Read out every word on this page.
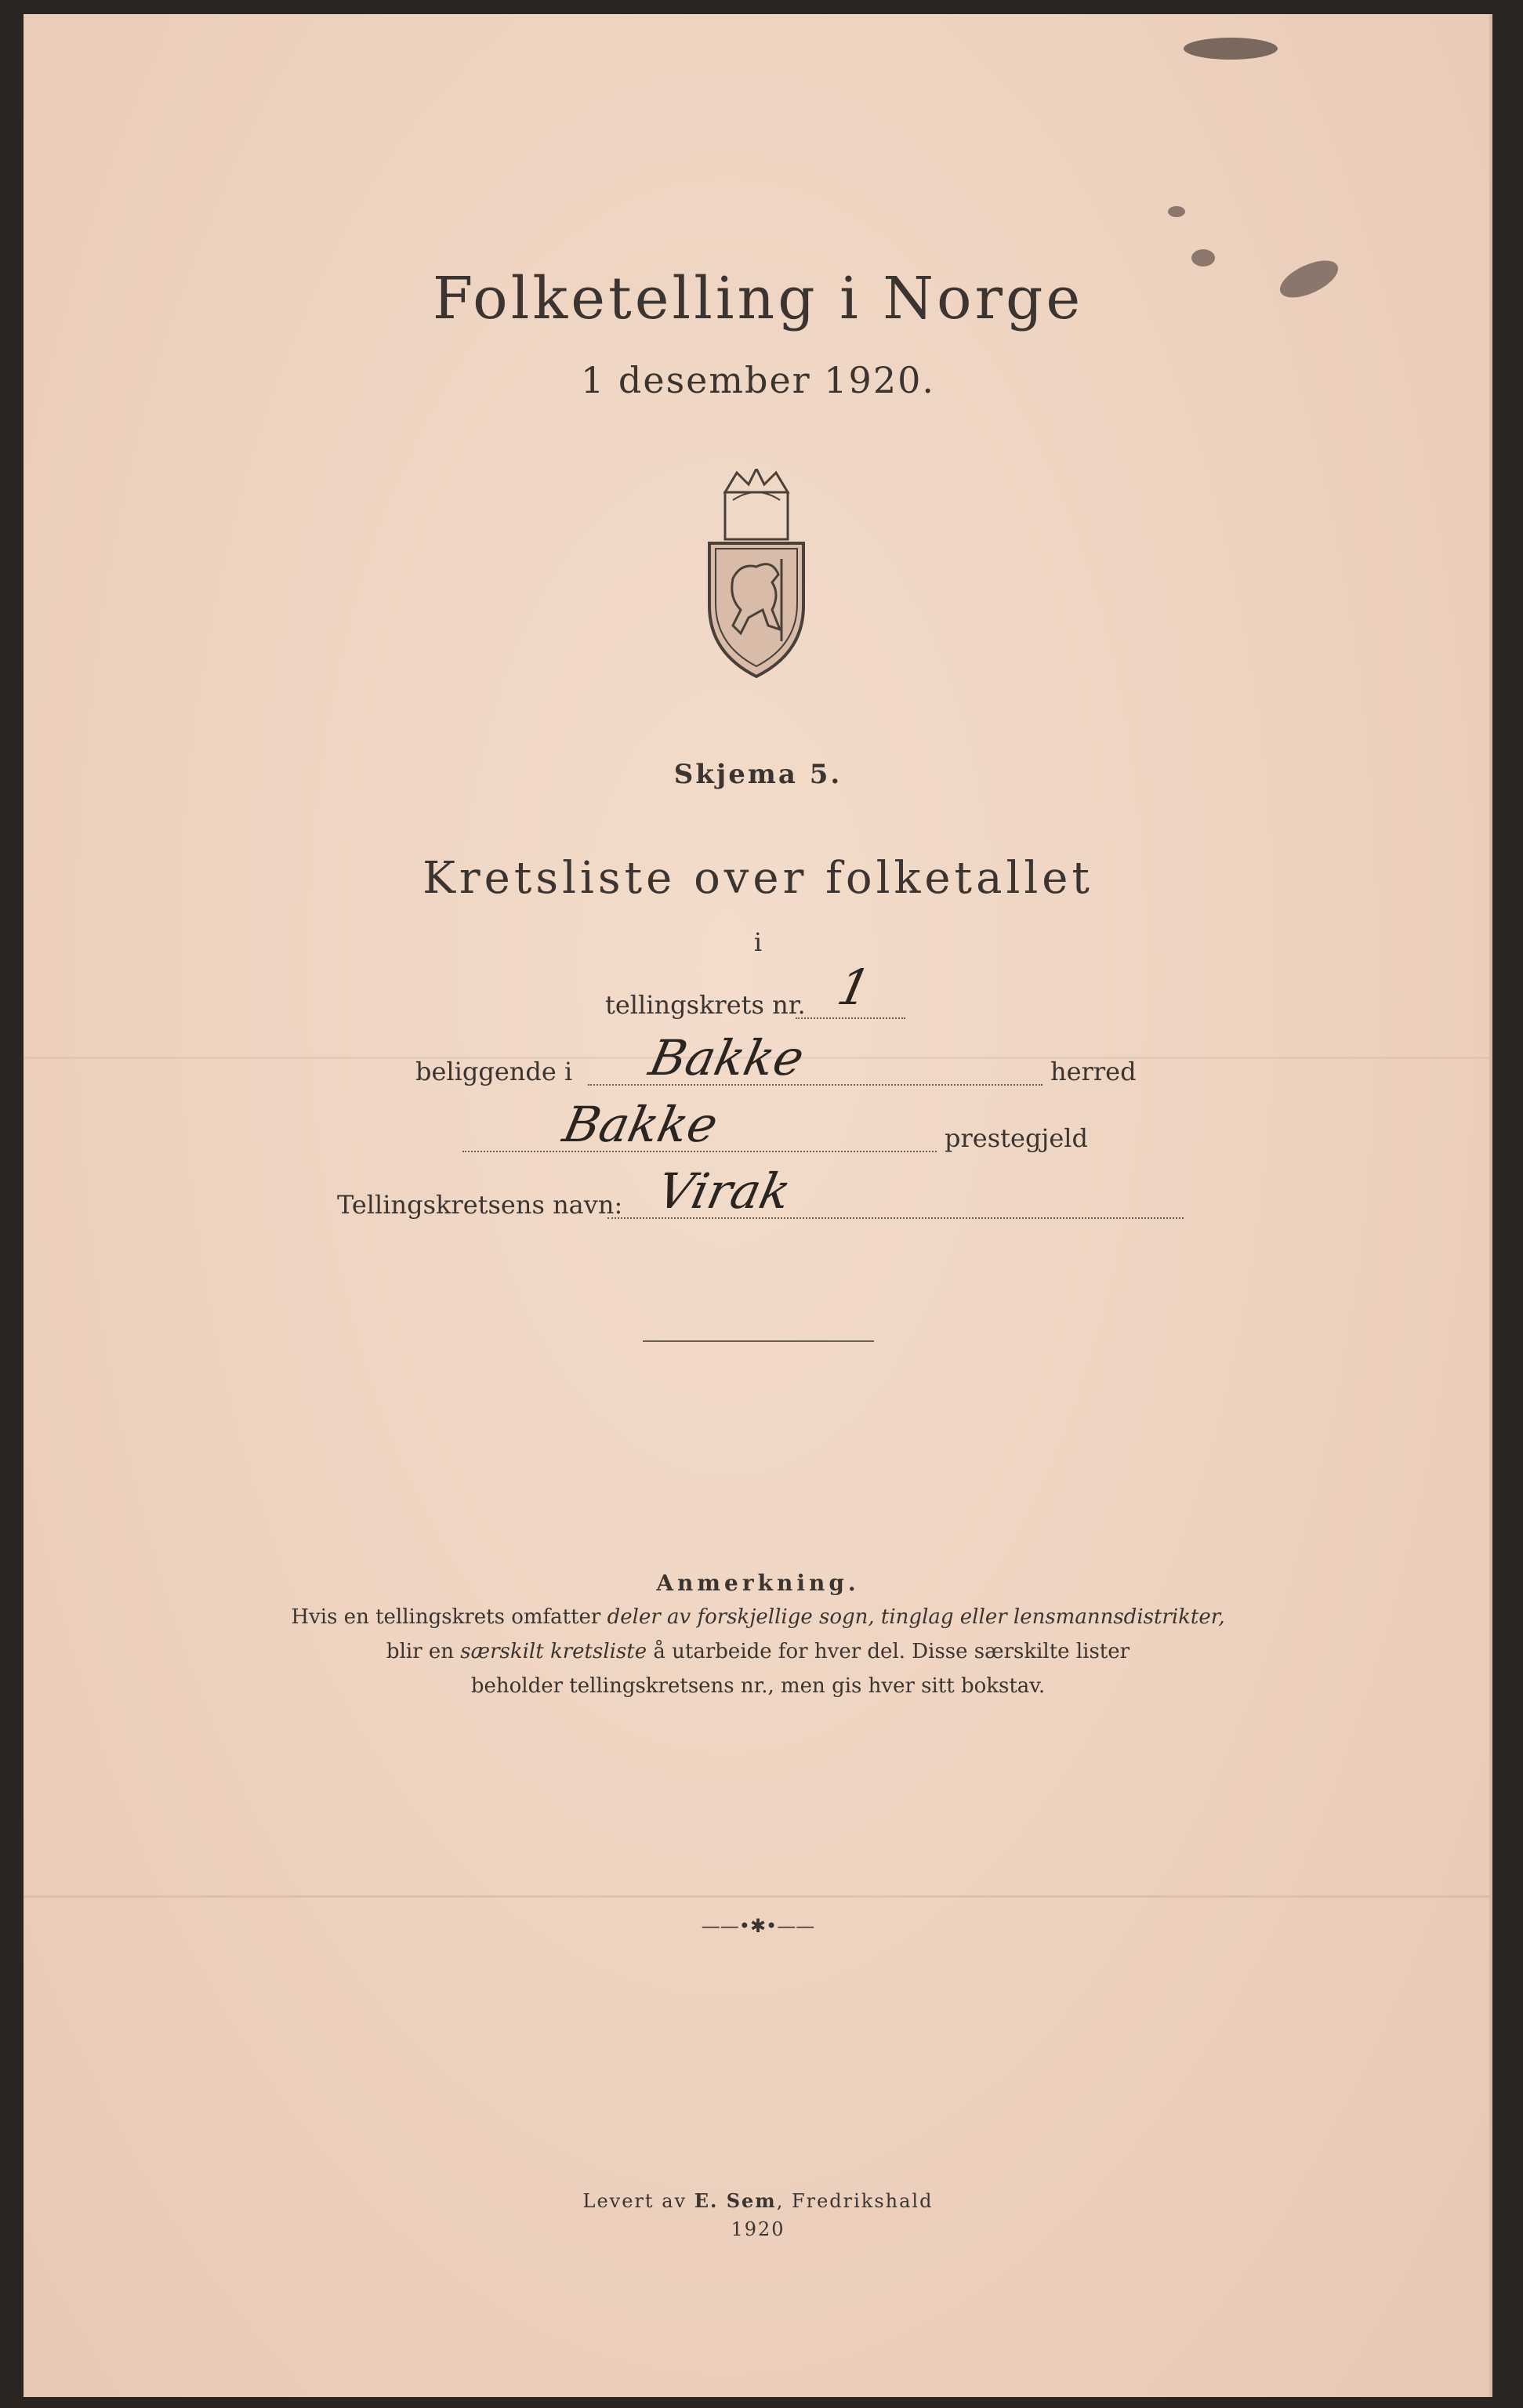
Folketelling i Norge
1 desember 1920.
Skjema 5.
Kretsliste over folketallet
i
tellingskrets nr. 1
beliggende i Bakke	herred
Bakke	prestegjeld
Tellingskretsens navn: Virak
Anmerkning.
Hvis en tellingskrets omfatter deler av forskjellige sogn, tinglag eller lensmannsdistrikter,
blir en særskilt kretsliste å utarbeide for hver del. Disse særskilte lister
beholder tellingskretsens nr., men gis hver sitt bokstav.
——•✱•——
Levert av E. Sem, Fredrikshald
1920
